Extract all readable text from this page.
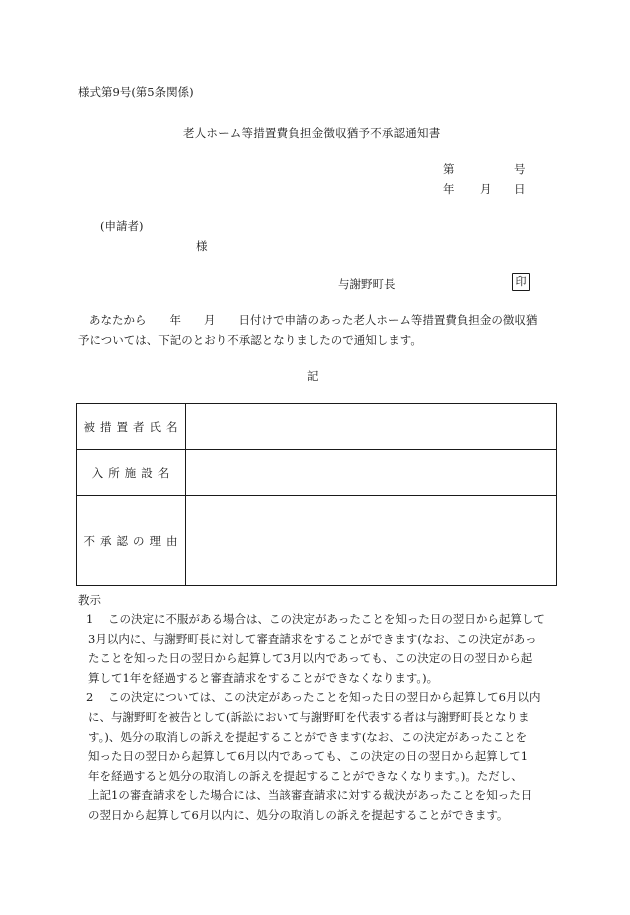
様式第9号(第5条関係)
老人ホーム等措置費負担金徴収猶予不承認通知書
第	号
年 月 日
(申請者)
様
与謝野町長	印

あなたから　　年　　月　　日付けで申請のあった老人ホーム等措置費負担金の徴収猶

予については、下記のとおり不承認となりましたので通知します。

記
被措置者氏名	
入所施設名	
不承認の理由	
教示
1 この決定に不服がある場合は、この決定があったことを知った日の翌日から起算して
3月以内に、与謝野町長に対して審査請求をすることができます(なお、この決定があっ
たことを知った日の翌日から起算して3月以内であっても、この決定の日の翌日から起
算して1年を経過すると審査請求をすることができなくなります。)。
2 この決定については、この決定があったことを知った日の翌日から起算して6月以内
に、与謝野町を被告として(訴訟において与謝野町を代表する者は与謝野町長となりま
す。)、処分の取消しの訴えを提起することができます(なお、この決定があったことを
知った日の翌日から起算して6月以内であっても、この決定の日の翌日から起算して1
年を経過すると処分の取消しの訴えを提起することができなくなります。)。ただし、
上記1の審査請求をした場合には、当該審査請求に対する裁決があったことを知った日
の翌日から起算して6月以内に、処分の取消しの訴えを提起することができます。
